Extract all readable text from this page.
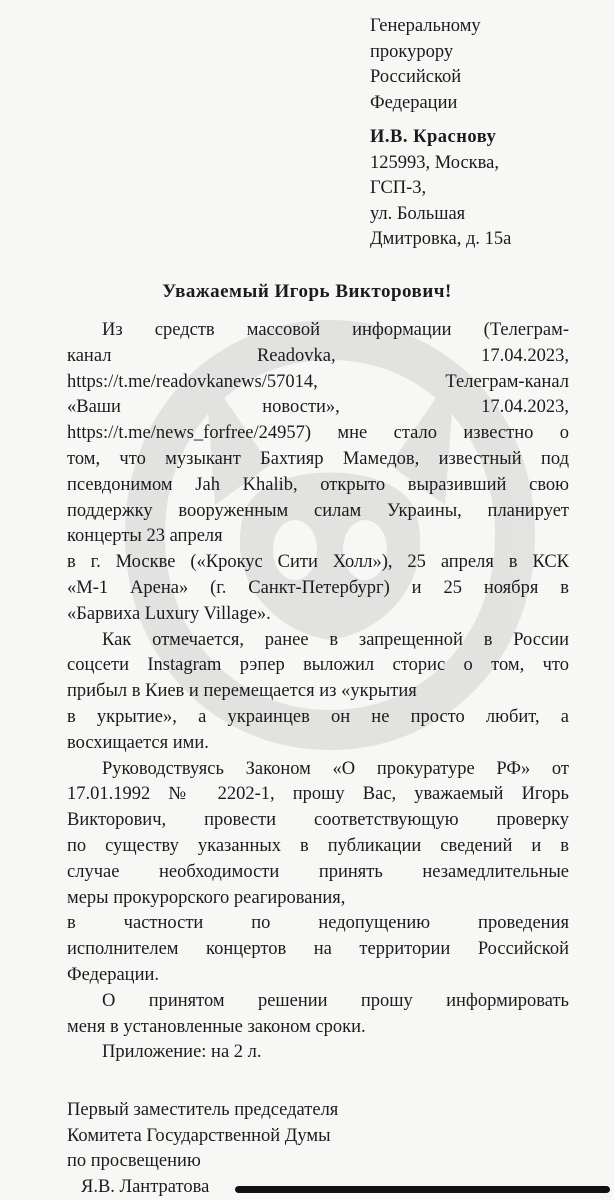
Генеральному
прокурору
Российской
Федерации
И.В. Краснову
125993, Москва,
ГСП-3,
ул. Большая
Дмитровка, д. 15а
Уважаемый Игорь Викторович!
Из средств массовой информации (Телеграм-
канал Readovka, 17.04.2023,
https://t.me/readovkanews/57014, Телеграм-канал
«Ваши новости», 17.04.2023,
https://t.me/news_forfree/24957) мне стало известно о
том, что музыкант Бахтияр Мамедов, известный под
псевдонимом Jah Khalib, открыто выразивший свою
поддержку вооруженным силам Украины, планирует
концерты 23 апреля
в г. Москве («Крокус Сити Холл»), 25 апреля в КСК
«М-1 Арена» (г. Санкт-Петербург) и 25 ноября в
«Барвиха Luxury Village».
Как отмечается, ранее в запрещенной в России
соцсети Instagram рэпер выложил сторис о том, что
прибыл в Киев и перемещается из «укрытия
в укрытие», а украинцев он не просто любит, а
восхищается ими.
Руководствуясь Законом «О прокуратуре РФ» от
17.01.1992 № 2202-1, прошу Вас, уважаемый Игорь
Викторович, провести соответствующую проверку
по существу указанных в публикации сведений и в
случае необходимости принять незамедлительные
меры прокурорского реагирования,
в частности по недопущению проведения
исполнителем концертов на территории Российской
Федерации.
О принятом решении прошу информировать
меня в установленные законом сроки.
Приложение: на 2 л.
Первый заместитель председателя
Комитета Государственной Думы
по просвещению
Я.В. Лантратова
